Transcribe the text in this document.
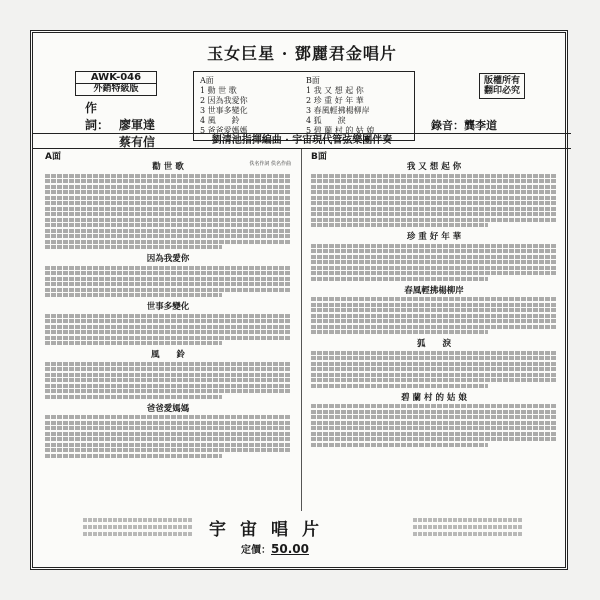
玉女巨星 · 鄧麗君金唱片
AWK-046
外銷特級版
作詞： 廖軍達
蔡有信
A面
1 動 世 歌
2 因為我愛你
3 世事多變化
4 風　　鈴
5 爸爸愛媽媽
B面
1 我 又 想 起 你
2 珍 重 好 年 華
3 春風輕拂楊柳岸
4 狐　　淚
5 碧 蘭 村 的 姑 娘
版權所有
翻印必究
錄音：龔李道
劉清池指揮編曲 · 宇宙現代管弦樂團伴奏
A面	B面
勸 世 歌	佚名作詞 佚名作曲
因為我愛你
世事多變化
風　　鈴
爸爸愛媽媽
我 又 想 起 你
珍 重 好 年 華
春風輕拂楊柳岸
狐　　淚
碧 蘭 村 的 姑 娘
宇宙唱片
定價：50.00
